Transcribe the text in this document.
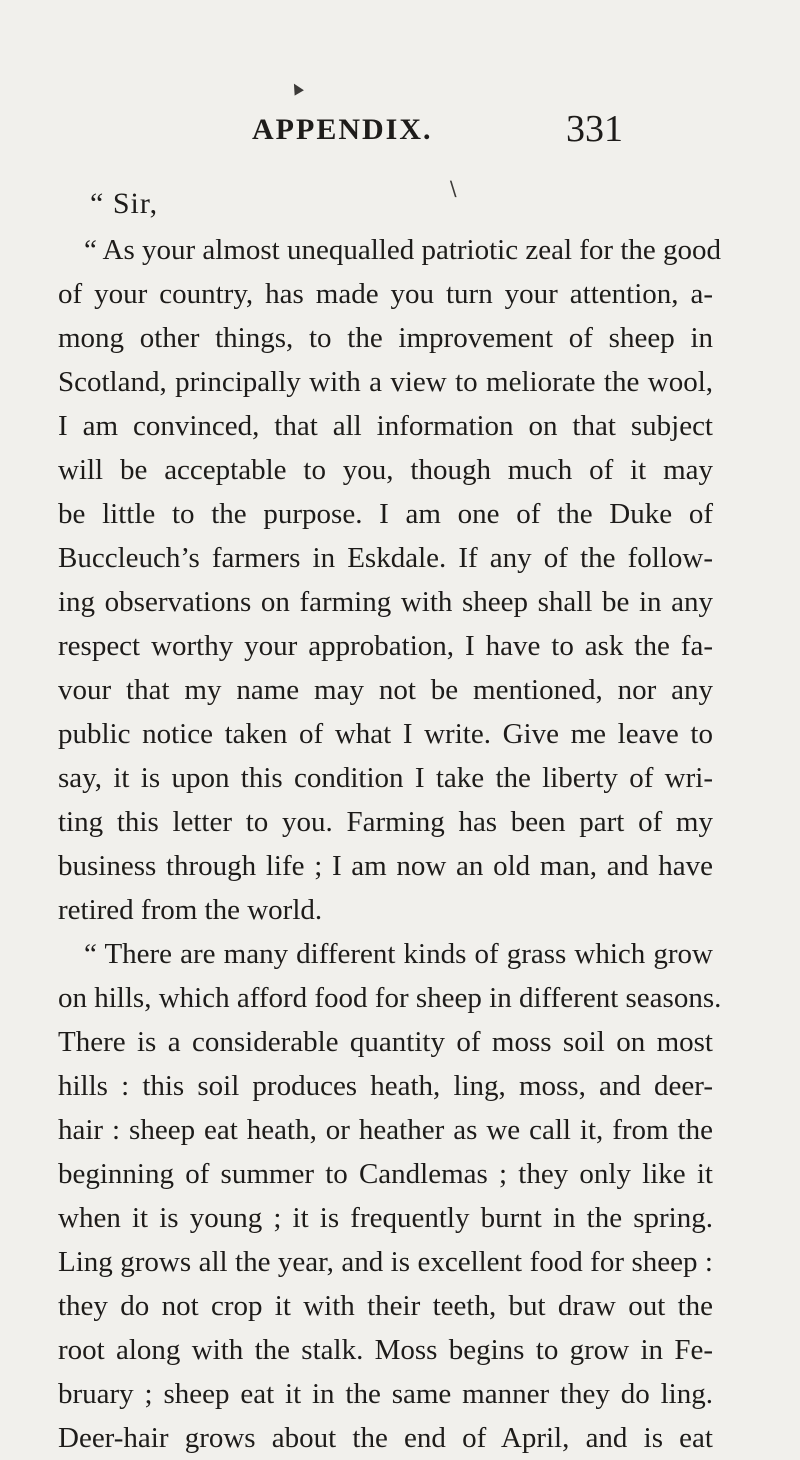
APPENDIX.	331
▲
∖
“ Sir,
“ As your almost unequalled patriotic zeal for the good
of your country, has made you turn your attention, a-
mong other things, to the improvement of sheep in
Scotland, principally with a view to meliorate the wool,
I am convinced, that all information on that subject
will be acceptable to you, though much of it may
be little to the purpose. I am one of the Duke of
Buccleuch’s farmers in Eskdale. If any of the follow-
ing observations on farming with sheep shall be in any
respect worthy your approbation, I have to ask the fa-
vour that my name may not be mentioned, nor any
public notice taken of what I write. Give me leave to
say, it is upon this condition I take the liberty of wri-
ting this letter to you. Farming has been part of my
business through life ; I am now an old man, and have
retired from the world.
“ There are many different kinds of grass which grow
on hills, which afford food for sheep in different seasons.
There is a considerable quantity of moss soil on most
hills : this soil produces heath, ling, moss, and deer-
hair : sheep eat heath, or heather as we call it, from the
beginning of summer to Candlemas ; they only like it
when it is young ; it is frequently burnt in the spring.
Ling grows all the year, and is excellent food for sheep :
they do not crop it with their teeth, but draw out the
root along with the stalk. Moss begins to grow in Fe-
bruary ; sheep eat it in the same manner they do ling.
Deer-hair grows about the end of April, and is eat
